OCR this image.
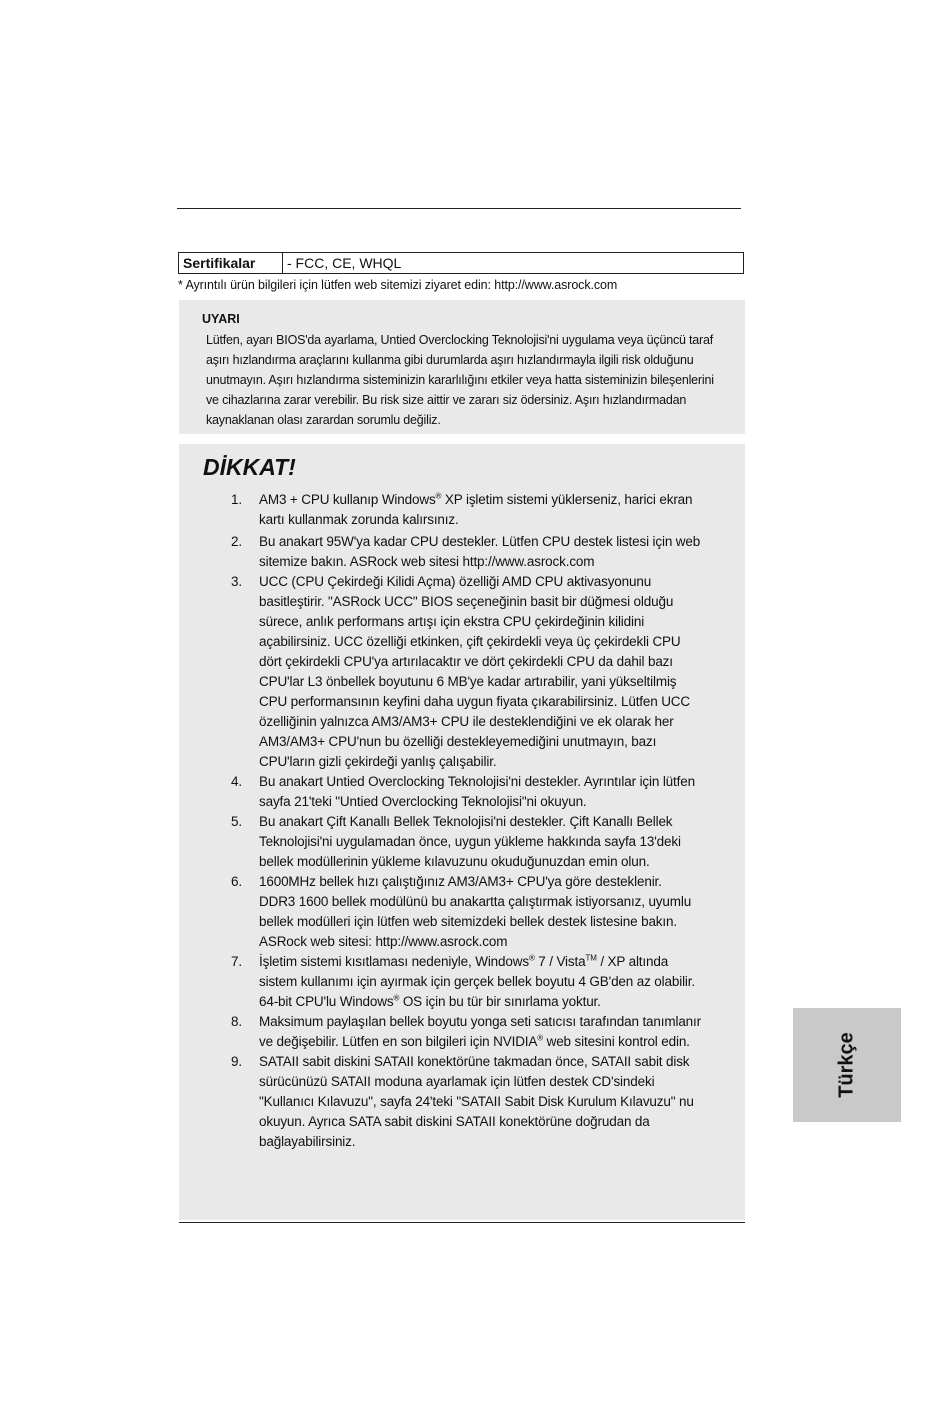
Sertifikalar	- FCC, CE, WHQL
* Ayrıntılı ürün bilgileri için lütfen web sitemizi ziyaret edin: http://www.asrock.com
UYARI
Lütfen, ayarı BIOS'da ayarlama, Untied Overclocking Teknolojisi'ni uygulama veya üçüncü taraf aşırı hızlandırma araçlarını kullanma gibi durumlarda aşırı hızlandırmayla ilgili risk olduğunu unutmayın. Aşırı hızlandırma sisteminizin kararlılığını etkiler veya hatta sisteminizin bileşenlerini ve cihazlarına zarar verebilir. Bu risk size aittir ve zararı siz ödersiniz. Aşırı hızlandırmadan kaynaklanan olası zarardan sorumlu değiliz.
DİKKAT!
1.	AM3 + CPU kullanıp Windows® XP işletim sistemi yüklerseniz, harici ekran kartı kullanmak zorunda kalırsınız.
2.	Bu anakart 95W'ya kadar CPU destekler. Lütfen CPU destek listesi için web sitemize bakın. ASRock web sitesi http://www.asrock.com
3.	UCC (CPU Çekirdeği Kilidi Açma) özelliği AMD CPU aktivasyonunu basitleştirir. "ASRock UCC" BIOS seçeneğinin basit bir düğmesi olduğu sürece, anlık performans artışı için ekstra CPU çekirdeğinin kilidini açabilirsiniz. UCC özelliği etkinken, çift çekirdekli veya üç çekirdekli CPU dört çekirdekli CPU'ya artırılacaktır ve dört çekirdekli CPU da dahil bazı CPU'lar L3 önbellek boyutunu 6 MB'ye kadar artırabilir, yani yükseltilmiş CPU performansının keyfini daha uygun fiyata çıkarabilirsiniz. Lütfen UCC özelliğinin yalnızca AM3/AM3+ CPU ile desteklendiğini ve ek olarak her AM3/AM3+ CPU'nun bu özelliği destekleyemediğini unutmayın, bazı CPU'ların gizli çekirdeği yanlış çalışabilir.
4.	Bu anakart Untied Overclocking Teknolojisi'ni destekler. Ayrıntılar için lütfen sayfa 21'teki "Untied Overclocking Teknolojisi"ni okuyun.
5.	Bu anakart Çift Kanallı Bellek Teknolojisi'ni destekler. Çift Kanallı Bellek Teknolojisi'ni uygulamadan önce, uygun yükleme hakkında sayfa 13'deki bellek modüllerinin yükleme kılavuzunu okuduğunuzdan emin olun.
6.	1600MHz bellek hızı çalıştığınız AM3/AM3+ CPU'ya göre desteklenir. DDR3 1600 bellek modülünü bu anakartta çalıştırmak istiyorsanız, uyumlu bellek modülleri için lütfen web sitemizdeki bellek destek listesine bakın. ASRock web sitesi: http://www.asrock.com
7.	İşletim sistemi kısıtlaması nedeniyle, Windows® 7 / Vista™ / XP altında sistem kullanımı için ayırmak için gerçek bellek boyutu 4 GB'den az olabilir. 64-bit CPU'lu Windows® OS için bu tür bir sınırlama yoktur.
8.	Maksimum paylaşılan bellek boyutu yonga seti satıcısı tarafından tanımlanır ve değişebilir. Lütfen en son bilgileri için NVIDIA® web sitesini kontrol edin.
9.	SATAII sabit diskini SATAII konektörüne takmadan önce, SATAII sabit disk sürücünüzü SATAII moduna ayarlamak için lütfen destek CD'sindeki "Kullanıcı Kılavuzu", sayfa 24'teki "SATAII Sabit Disk Kurulum Kılavuzu" nu okuyun. Ayrıca SATA sabit diskini SATAII konektörüne doğrudan da bağlayabilirsiniz.
Türkçe
